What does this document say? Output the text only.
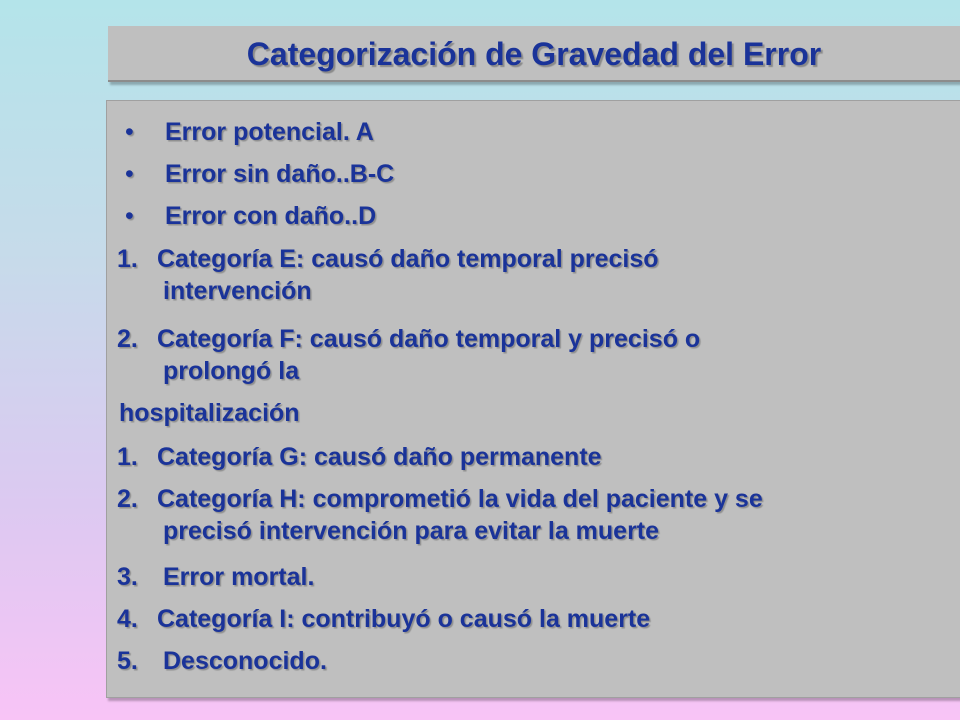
Categorización de Gravedad del Error
• Error potencial. A
• Error sin daño..B-C
• Error con daño..D
1. Categoría E: causó daño temporal precisó
intervención
2. Categoría F: causó daño temporal y precisó o
prolongó la
hospitalización
1. Categoría G: causó daño permanente
2. Categoría H: comprometió la vida del paciente y se
precisó intervención para evitar la muerte
3.	Error mortal.
4. Categoría I: contribuyó o causó la muerte
5.	Desconocido.
